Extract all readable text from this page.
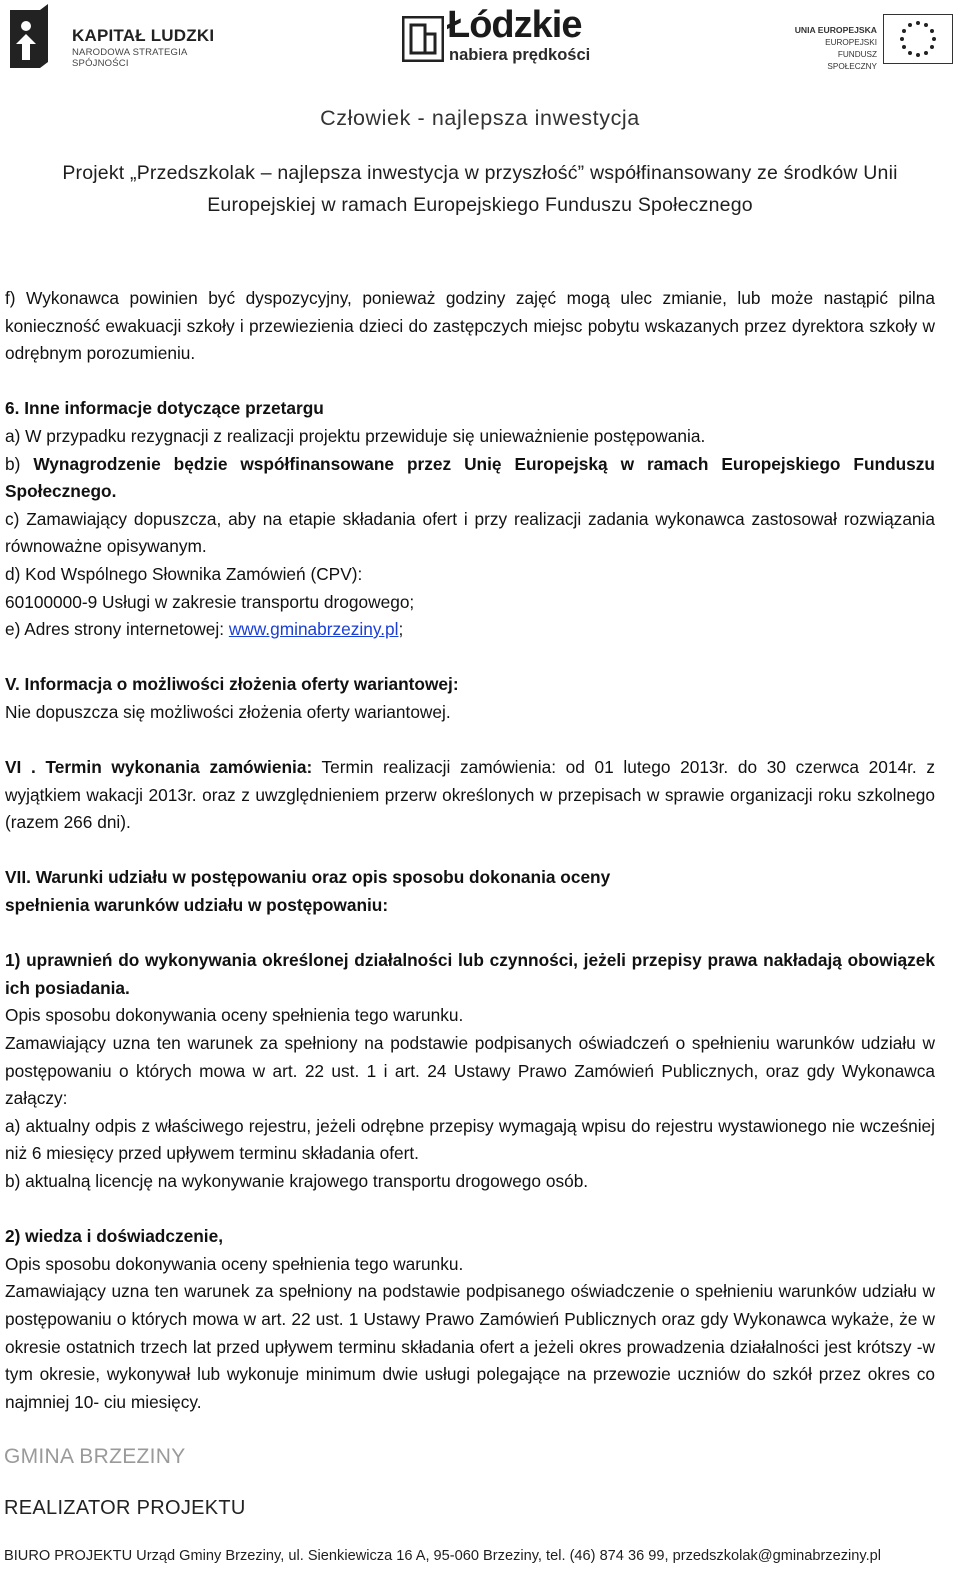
KAPITAŁ LUDZKI
NARODOWA STRATEGIA SPÓJNOŚCI
Łódzkie
nabiera prędkości
UNIA EUROPEJSKA
EUROPEJSKI
FUNDUSZ SPOŁECZNY
Człowiek - najlepsza inwestycja
Projekt „Przedszkolak – najlepsza inwestycja w przyszłość” współfinansowany ze środków Unii
Europejskiej w ramach Europejskiego Funduszu Społecznego

f) Wykonawca powinien być dyspozycyjny, ponieważ godziny zajęć mogą ulec zmianie, lub może nastąpić pilna konieczność ewakuacji szkoły i przewiezienia dzieci do zastępczych miejsc pobytu wskazanych przez dyrektora szkoły w odrębnym porozumieniu.

6. Inne informacje dotyczące przetargu

a) W przypadku rezygnacji z realizacji projektu przewiduje się unieważnienie postępowania.

b) Wynagrodzenie będzie współfinansowane przez Unię Europejską w ramach Europejskiego Funduszu Społecznego.

c) Zamawiający dopuszcza, aby na etapie składania ofert i przy realizacji zadania wykonawca zastosował rozwiązania równoważne opisywanym.

d) Kod Wspólnego Słownika Zamówień (CPV):

60100000-9 Usługi w zakresie transportu drogowego;

e) Adres strony internetowej: www.gminabrzeziny.pl;

V. Informacja o możliwości złożenia oferty wariantowej:

Nie dopuszcza się możliwości złożenia oferty wariantowej.

VI . Termin wykonania zamówienia: Termin realizacji zamówienia: od 01 lutego 2013r. do 30 czerwca 2014r. z wyjątkiem wakacji 2013r. oraz z uwzględnieniem przerw określonych w przepisach w sprawie organizacji roku szkolnego (razem 266 dni).

VII. Warunki udziału w postępowaniu oraz opis sposobu dokonania oceny

spełnienia warunków udziału w postępowaniu:

1) uprawnień do wykonywania określonej działalności lub czynności, jeżeli przepisy prawa nakładają obowiązek ich posiadania.

Opis sposobu dokonywania oceny spełnienia tego warunku.

Zamawiający uzna ten warunek za spełniony na podstawie podpisanych oświadczeń o spełnieniu warunków udziału w postępowaniu o których mowa w art. 22 ust. 1 i art. 24 Ustawy Prawo Zamówień Publicznych, oraz gdy Wykonawca załączy:

a) aktualny odpis z właściwego rejestru, jeżeli odrębne przepisy wymagają wpisu do rejestru wystawionego nie wcześniej niż 6 miesięcy przed upływem terminu składania ofert.

b) aktualną licencję na wykonywanie krajowego transportu drogowego osób.

2) wiedza i doświadczenie,

Opis sposobu dokonywania oceny spełnienia tego warunku.

Zamawiający uzna ten warunek za spełniony na podstawie podpisanego oświadczenie o spełnieniu warunków udziału w postępowaniu o których mowa w art. 22 ust. 1 Ustawy Prawo Zamówień Publicznych oraz gdy Wykonawca wykaże, że w okresie ostatnich trzech lat przed upływem terminu składania ofert a jeżeli okres prowadzenia działalności jest krótszy -w tym okresie, wykonywał lub wykonuje minimum dwie usługi polegające na przewozie uczniów do szkół przez okres co najmniej 10- ciu miesięcy.

GMINA BRZEZINY
REALIZATOR PROJEKTU
BIURO PROJEKTU Urząd Gminy Brzeziny, ul. Sienkiewicza 16 A, 95-060 Brzeziny, tel. (46) 874 36 99, przedszkolak@gminabrzeziny.pl
